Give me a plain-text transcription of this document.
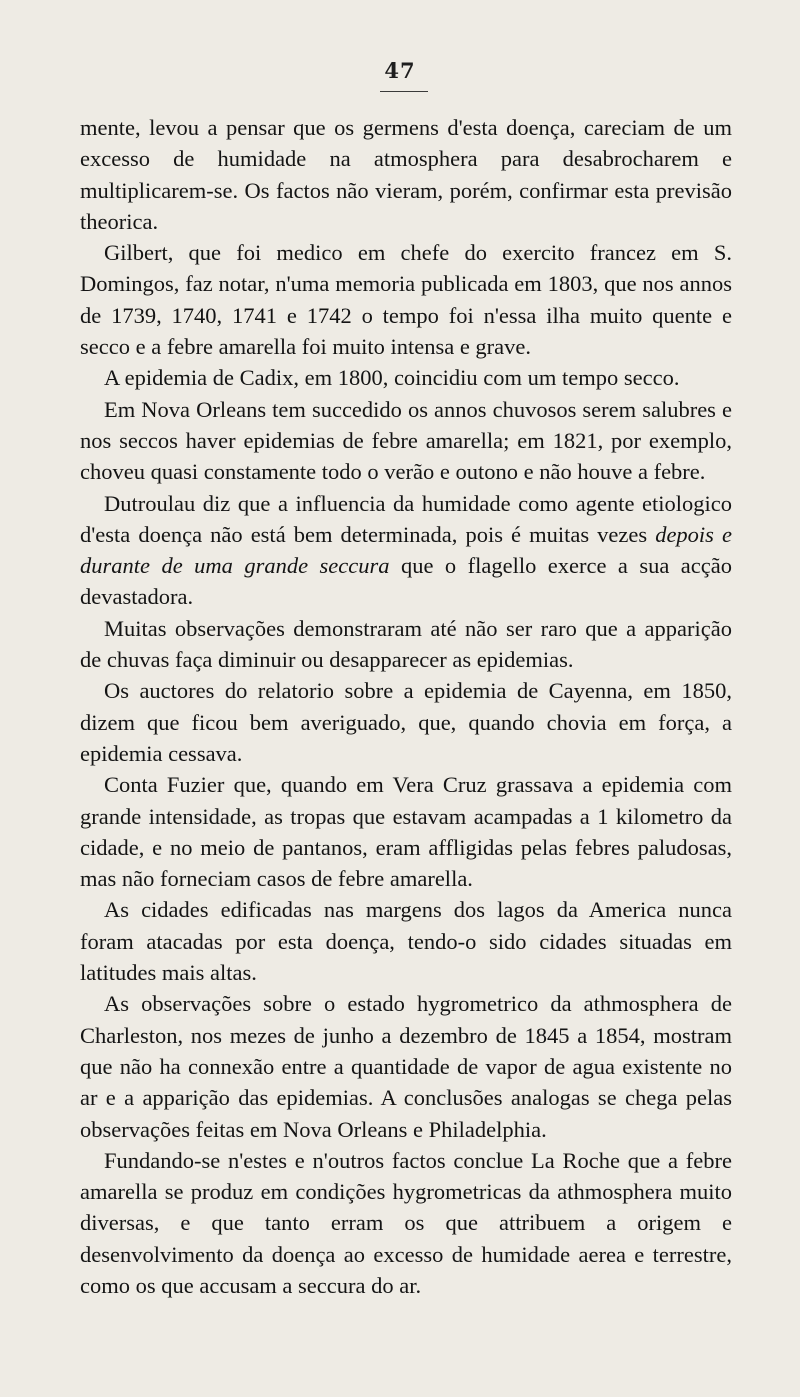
47

mente, levou a pensar que os germens d'esta doença, careciam de um excesso de humidade na atmosphera para desabrocharem e multiplicarem-se. Os factos não vieram, porém, confirmar esta previsão theorica.

Gilbert, que foi medico em chefe do exercito francez em S. Domingos, faz notar, n'uma memoria publicada em 1803, que nos annos de 1739, 1740, 1741 e 1742 o tempo foi n'essa ilha muito quente e secco e a febre amarella foi muito intensa e grave.

A epidemia de Cadix, em 1800, coincidiu com um tempo secco.

Em Nova Orleans tem succedido os annos chuvosos serem salubres e nos seccos haver epidemias de febre amarella; em 1821, por exemplo, choveu quasi constamente todo o verão e outono e não houve a febre.

Dutroulau diz que a influencia da humidade como agente etiologico d'esta doença não está bem determinada, pois é muitas vezes depois e durante de uma grande seccura que o flagello exerce a sua acção devastadora.

Muitas observações demonstraram até não ser raro que a apparição de chuvas faça diminuir ou desapparecer as epidemias.

Os auctores do relatorio sobre a epidemia de Cayenna, em 1850, dizem que ficou bem averiguado, que, quando chovia em força, a epidemia cessava.

Conta Fuzier que, quando em Vera Cruz grassava a epidemia com grande intensidade, as tropas que estavam acampadas a 1 kilometro da cidade, e no meio de pantanos, eram affligidas pelas febres paludosas, mas não forneciam casos de febre amarella.

As cidades edificadas nas margens dos lagos da America nunca foram atacadas por esta doença, tendo-o sido cidades situadas em latitudes mais altas.

As observações sobre o estado hygrometrico da athmosphera de Charleston, nos mezes de junho a dezembro de 1845 a 1854, mostram que não ha connexão entre a quantidade de vapor de agua existente no ar e a apparição das epidemias. A conclusões analogas se chega pelas observações feitas em Nova Orleans e Philadelphia.

Fundando-se n'estes e n'outros factos conclue La Roche que a febre amarella se produz em condições hygrometricas da athmosphera muito diversas, e que tanto erram os que attribuem a origem e desenvolvimento da doença ao excesso de humidade aerea e terrestre, como os que accusam a seccura do ar.
